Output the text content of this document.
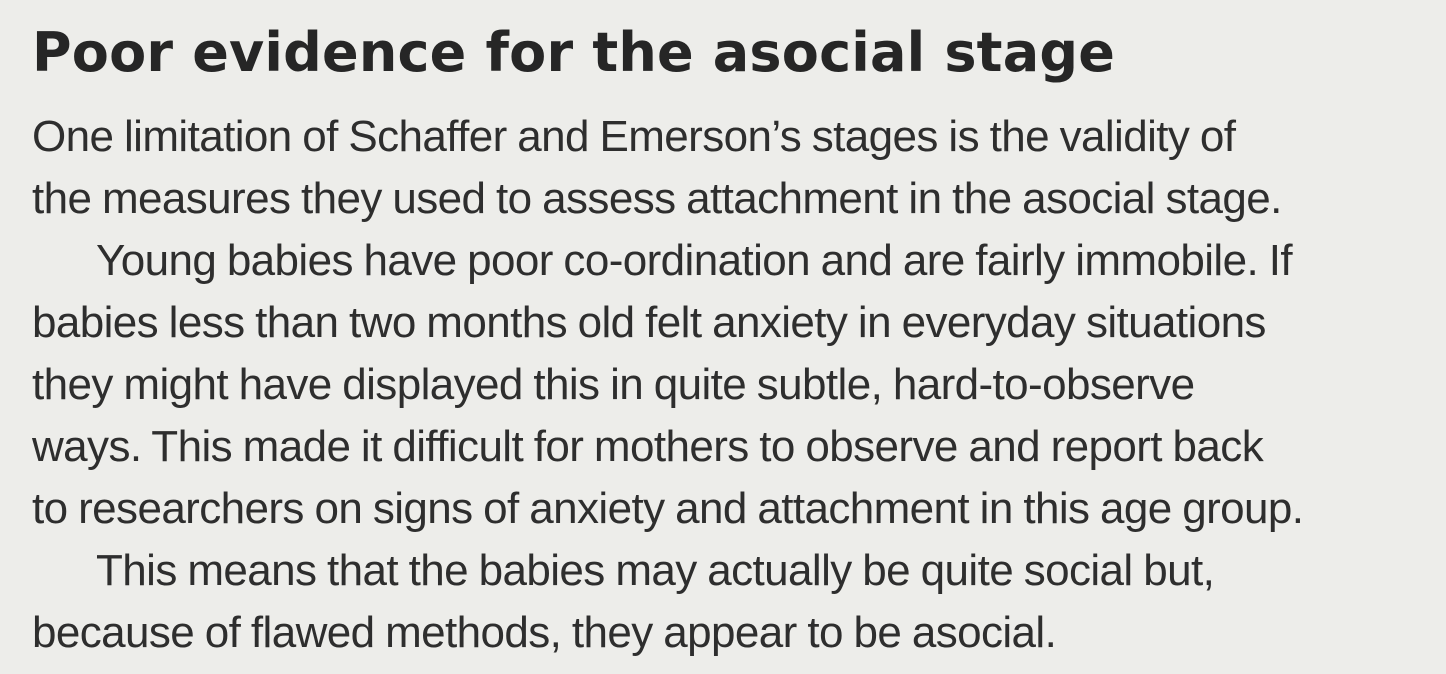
Poor evidence for the asocial stage

One limitation of Schaffer and Emerson’s stages is the validity of
the measures they used to assess attachment in the asocial stage.

Young babies have poor co-ordination and are fairly immobile. If
babies less than two months old felt anxiety in everyday situations
they might have displayed this in quite subtle, hard-to-observe
ways. This made it difficult for mothers to observe and report back
to researchers on signs of anxiety and attachment in this age group.

This means that the babies may actually be quite social but,
because of flawed methods, they appear to be asocial.
